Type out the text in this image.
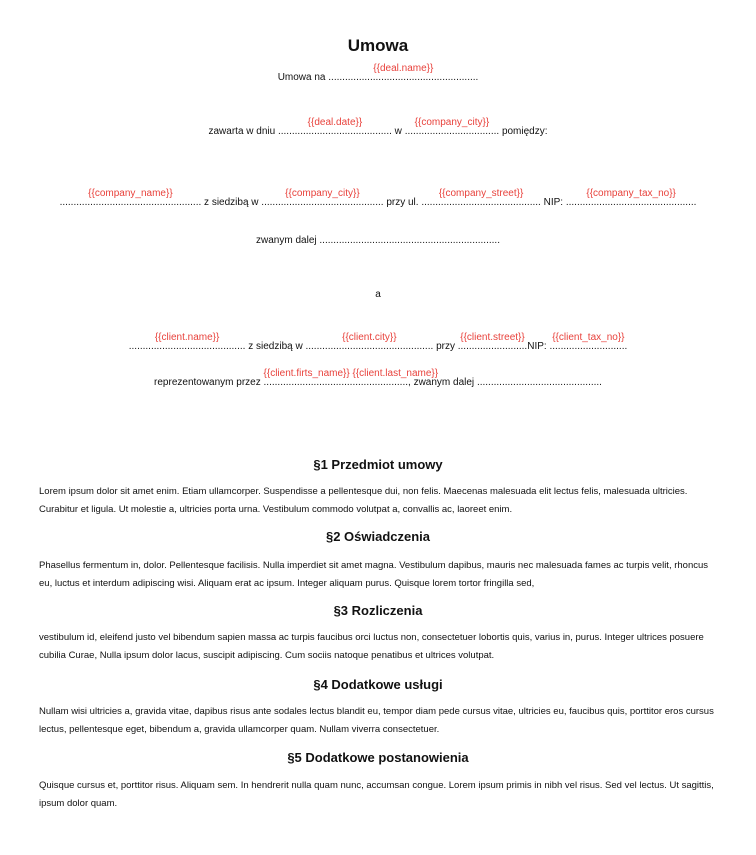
Umowa
Umowa na ......................................................
{{deal.name}}
zawarta w dniu .........................................
{{deal.date}}
w ..................................
{{company_city}}
pomiędzy:
...................................................
{{company_name}}
z siedzibą w ............................................
{{company_city}}
przy ul. ...........................................
{{company_street}}
NIP: ...............................................
{{company_tax_no}}
zwanym dalej .................................................................
a
..........................................
{{client.name}}
z siedzibą w ..............................................
{{client.city}}
przy .........................
{{client.street}}
NIP: ............................
{{client_tax_no}}
reprezentowanym przez ....................................................
{{client.firts_name}} {{client.last_name}}
, zwanym dalej .............................................
§1 Przedmiot umowy
Lorem ipsum dolor sit amet enim. Etiam ullamcorper. Suspendisse a pellentesque dui, non felis. Maecenas malesuada elit lectus felis, malesuada ultricies. Curabitur et ligula. Ut molestie a, ultricies porta urna. Vestibulum commodo volutpat a, convallis ac, laoreet enim.
§2 Oświadczenia
Phasellus fermentum in, dolor. Pellentesque facilisis. Nulla imperdiet sit amet magna. Vestibulum dapibus, mauris nec malesuada fames ac turpis velit, rhoncus eu, luctus et interdum adipiscing wisi. Aliquam erat ac ipsum. Integer aliquam purus. Quisque lorem tortor fringilla sed,
§3 Rozliczenia
vestibulum id, eleifend justo vel bibendum sapien massa ac turpis faucibus orci luctus non, consectetuer lobortis quis, varius in, purus. Integer ultrices posuere cubilia Curae, Nulla ipsum dolor lacus, suscipit adipiscing. Cum sociis natoque penatibus et ultrices volutpat.
§4 Dodatkowe usługi
Nullam wisi ultricies a, gravida vitae, dapibus risus ante sodales lectus blandit eu, tempor diam pede cursus vitae, ultricies eu, faucibus quis, porttitor eros cursus lectus, pellentesque eget, bibendum a, gravida ullamcorper quam. Nullam viverra consectetuer.
§5 Dodatkowe postanowienia
Quisque cursus et, porttitor risus. Aliquam sem. In hendrerit nulla quam nunc, accumsan congue. Lorem ipsum primis in nibh vel risus. Sed vel lectus. Ut sagittis, ipsum dolor quam.
